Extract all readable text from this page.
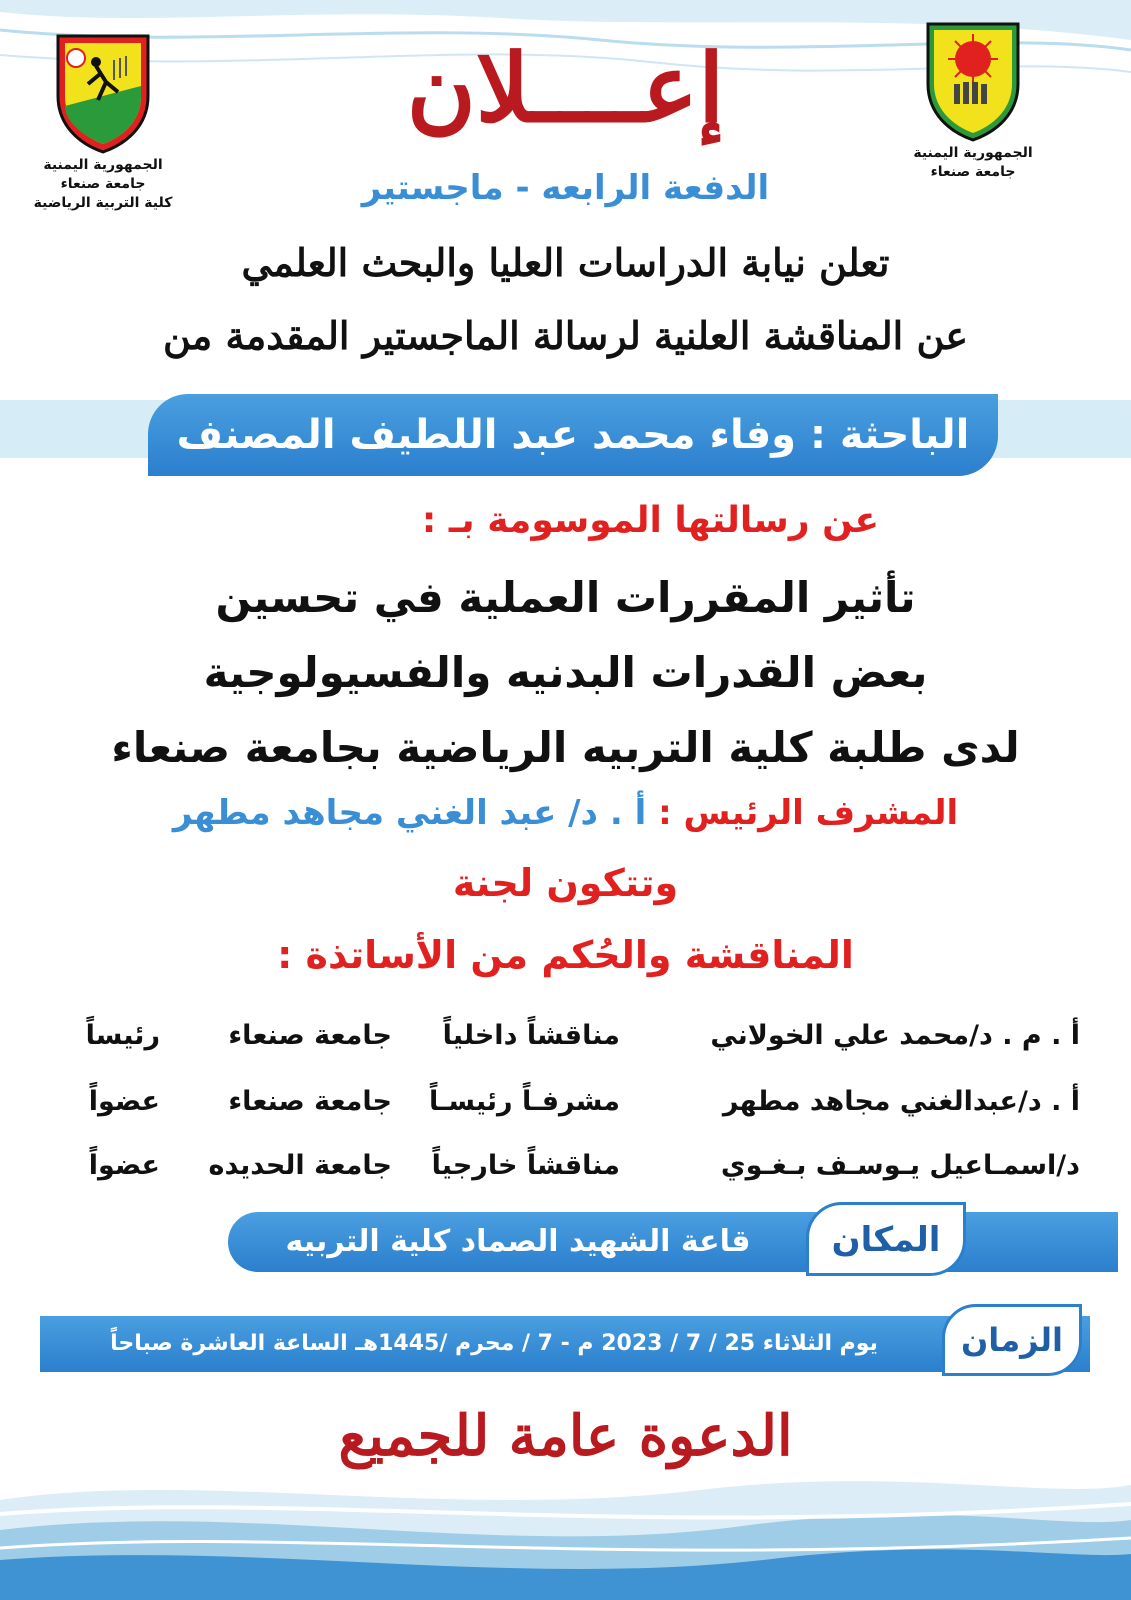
الجمهورية اليمنية
جامعة صنعاء
الجمهورية اليمنية
جامعة صنعاء
كلية التربية الرياضية
إعــــلان
الدفعة الرابعه - ماجستير
تعلن نيابة الدراسات العليا والبحث العلمي
عن المناقشة العلنية لرسالة الماجستير المقدمة من
الباحثة : وفاء محمد عبد اللطيف المصنف
عن رسالتها الموسومة بـ :
تأثير المقررات العملية في تحسين
بعض القدرات البدنيه والفسيولوجية
لدى طلبة كلية التربيه الرياضية بجامعة صنعاء
المشرف الرئيس : أ . د/ عبد الغني مجاهد مطهر
وتتكون لجنة
المناقشة والحُكم من الأساتذة :
أ . م . د/محمد علي الخولاني
مناقشاً داخلياً
جامعة صنعاء
رئيساً
أ . د/عبدالغني مجاهد مطهر
مشرفـاً رئيسـاً
جامعة صنعاء
عضواً
د/اسمـاعيل يـوسـف بـغـوي
مناقشاً خارجياً
جامعة الحديده
عضواً
قاعة الشهيد الصماد كلية التربيه	المكان
يوم الثلاثاء 25 / 7 / 2023 م - 7 / محرم /1445هـ الساعة العاشرة صباحاً	الزمان
الدعوة عامة للجميع
